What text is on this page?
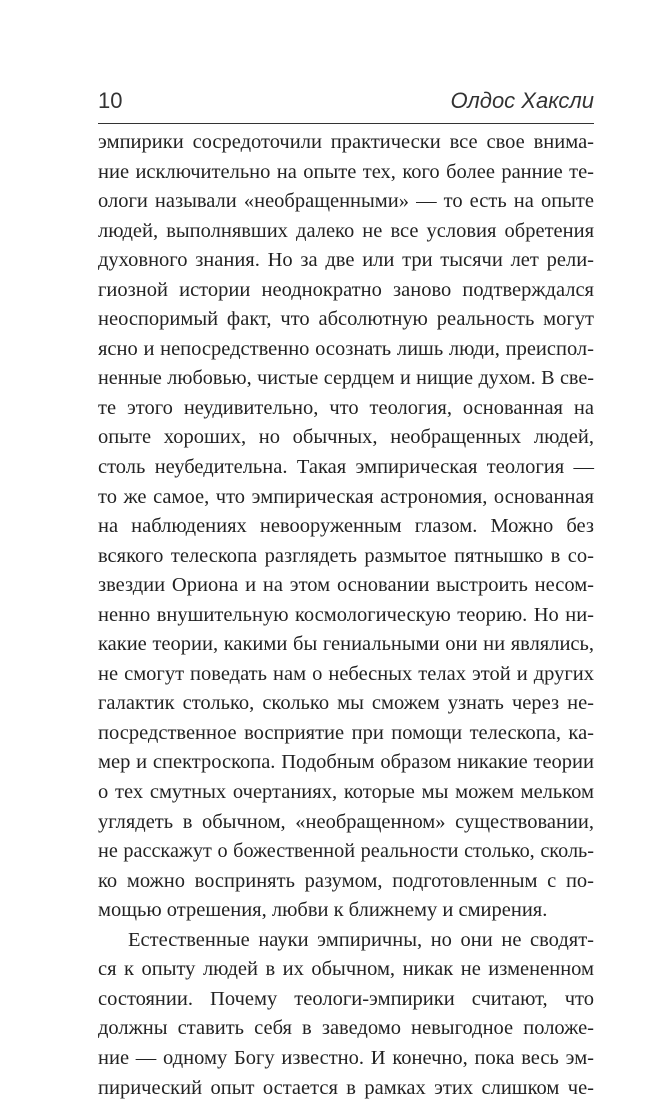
10	Олдос Хаксли
эмпирики сосредоточили практически все свое внима-
ние исключительно на опыте тех, кого более ранние те-
ологи называли «необращенными» — то есть на опыте
людей, выполнявших далеко не все условия обретения
духовного знания. Но за две или три тысячи лет рели-
гиозной истории неоднократно заново подтверждался
неоспоримый факт, что абсолютную реальность могут
ясно и непосредственно осознать лишь люди, преиспол-
ненные любовью, чистые сердцем и нищие духом. В све-
те этого неудивительно, что теология, основанная на
опыте хороших, но обычных, необращенных людей,
столь неубедительна. Такая эмпирическая теология —
то же самое, что эмпирическая астрономия, основанная
на наблюдениях невооруженным глазом. Можно без
всякого телескопа разглядеть размытое пятнышко в со-
звездии Ориона и на этом основании выстроить несом-
ненно внушительную космологическую теорию. Но ни-
какие теории, какими бы гениальными они ни являлись,
не смогут поведать нам о небесных телах этой и других
галактик столько, сколько мы сможем узнать через не-
посредственное восприятие при помощи телескопа, ка-
мер и спектроскопа. Подобным образом никакие теории
о тех смутных очертаниях, которые мы можем мельком
углядеть в обычном, «необращенном» существовании,
не расскажут о божественной реальности столько, сколь-
ко можно воспринять разумом, подготовленным с по-
мощью отрешения, любви к ближнему и смирения.
Естественные науки эмпиричны, но они не сводят-
ся к опыту людей в их обычном, никак не измененном
состоянии. Почему теологи-эмпирики считают, что
должны ставить себя в заведомо невыгодное положе-
ние — одному Богу известно. И конечно, пока весь эм-
пирический опыт остается в рамках этих слишком че-
